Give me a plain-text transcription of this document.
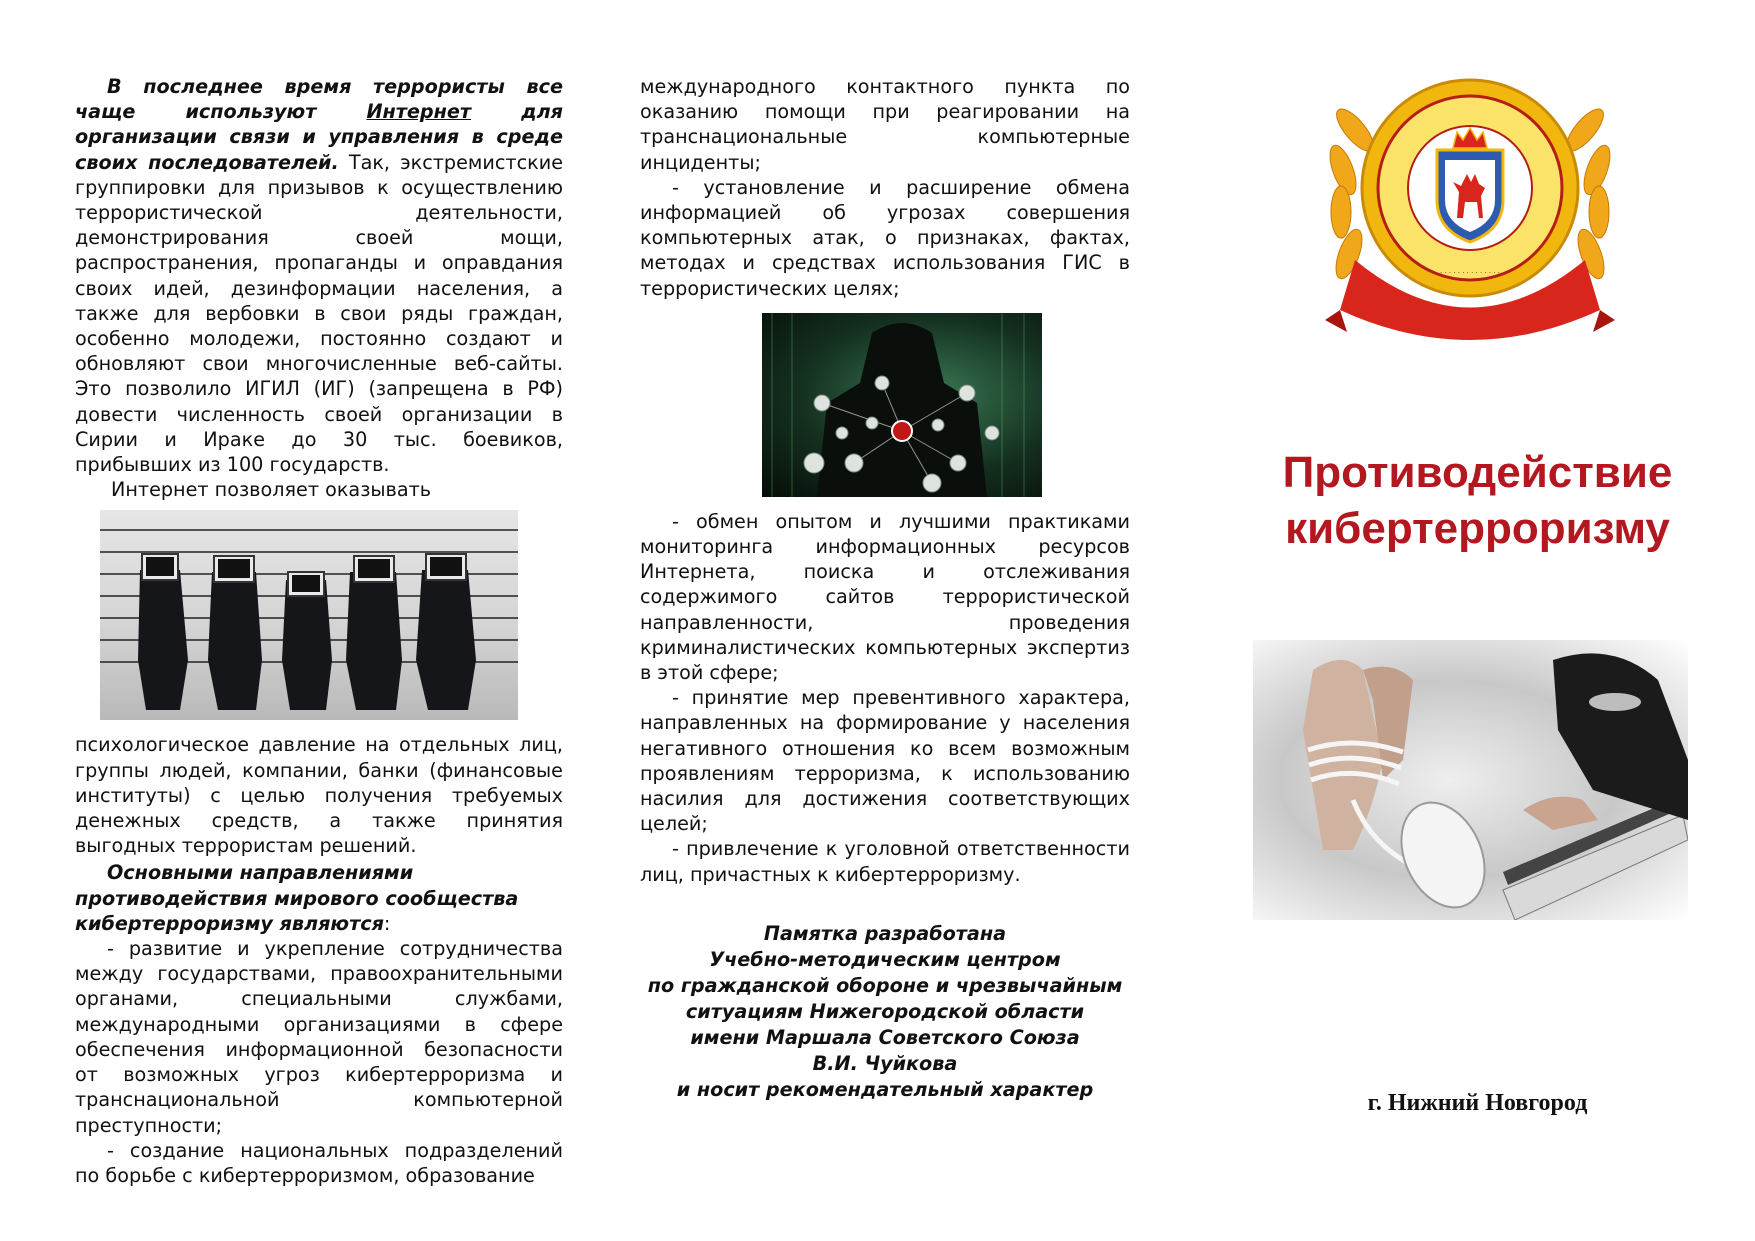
· · · · · · · · · · · · · ·

В последнее время террористы все чаще используют Интернет для организации связи и управления в среде своих последователей. Так, экстремистские группировки для призывов к осуществлению террористической деятельности, демонстрирования своей мощи, распространения, пропаганды и оправдания своих идей, дезинформации населения, а также для вербовки в свои ряды граждан, особенно молодежи, постоянно создают и обновляют свои многочисленные веб-сайты. Это позволило ИГИЛ (ИГ) (запрещена в РФ) довести численность своей организации в Сирии и Ираке до 30 тыс. боевиков, прибывших из 100 государств.

Интернет позволяет оказывать

психологическое давление на отдельных лиц, группы людей, компании, банки (финансовые институты) с целью получения требуемых денежных средств, а также принятия выгодных террористам решений.

Основными направлениями противодействия мирового сообщества кибертерроризму являются:

- развитие и укрепление сотрудничества между государствами, правоохранительными органами, специальными службами, международными организациями в сфере обеспечения информационной безопасности от возможных угроз кибертерроризма и транснациональной компьютерной преступности;

- создание национальных подразделений по борьбе с кибертерроризмом, образование

международного контактного пункта по оказанию помощи при реагировании на транснациональные компьютерные инциденты;

- установление и расширение обмена информацией об угрозах совершения компьютерных атак, о признаках, фактах, методах и средствах использования ГИС в террористических целях;

- обмен опытом и лучшими практиками мониторинга информационных ресурсов Интернета, поиска и отслеживания содержимого сайтов террористической направленности, проведения криминалистических компьютерных экспертиз в этой сфере;

- принятие мер превентивного характера, направленных на формирование у населения негативного отношения ко всем возможным проявлениям терроризма, к использованию насилия для достижения соответствующих целей;

- привлечение к уголовной ответственности лиц, причастных к кибертерроризму.

Памятка разработана
Учебно-методическим центром
по гражданской обороне и чрезвычайным
ситуациям Нижегородской области
имени Маршала Советского Союза
В.И. Чуйкова
и носит рекомендательный характер
Противодействие
кибертерроризму
г. Нижний Новгород
